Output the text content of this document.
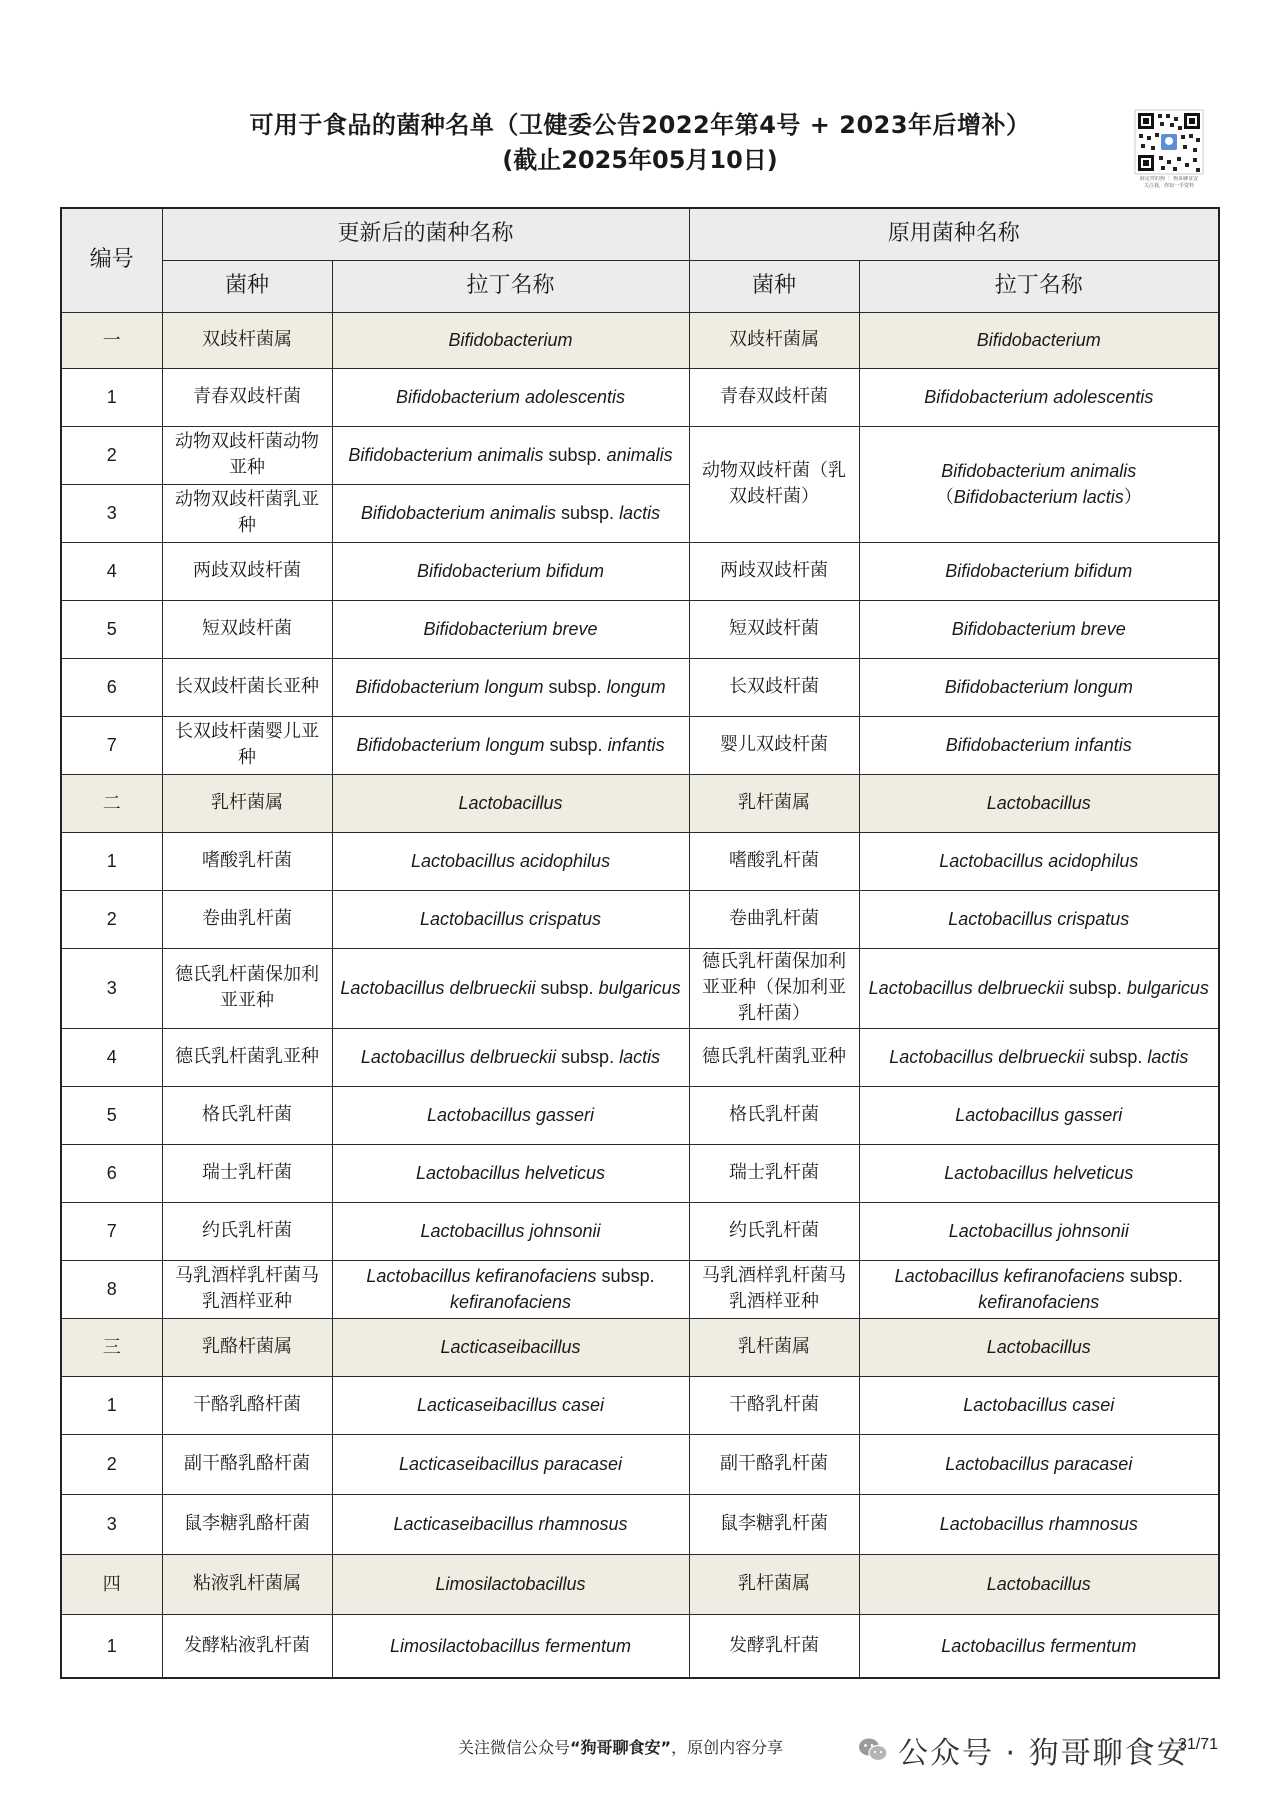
可用于食品的菌种名单（卫健委公告2022年第4号 + 2023年后增补）
(截止2025年05月10日)
薛定谔的狗 ｜ 狗哥聊食安
关注我，你知一手资料
编号	更新后的菌种名称		原用菌种名称	
	菌种	拉丁名称	菌种	拉丁名称
一	双歧杆菌属	Bifidobacterium	双歧杆菌属	Bifidobacterium
1	青春双歧杆菌	Bifidobacterium adolescentis	青春双歧杆菌	Bifidobacterium adolescentis
2	动物双歧杆菌动物亚种	Bifidobacterium animalis subsp. animalis	动物双歧杆菌（乳双歧杆菌）	Bifidobacterium animalis
（Bifidobacterium lactis）
3	动物双歧杆菌乳亚种	Bifidobacterium animalis subsp. lactis		
4	两歧双歧杆菌	Bifidobacterium bifidum	两歧双歧杆菌	Bifidobacterium bifidum
5	短双歧杆菌	Bifidobacterium breve	短双歧杆菌	Bifidobacterium breve
6	长双歧杆菌长亚种	Bifidobacterium longum subsp. longum	长双歧杆菌	Bifidobacterium longum
7	长双歧杆菌婴儿亚种	Bifidobacterium longum subsp. infantis	婴儿双歧杆菌	Bifidobacterium infantis
二	乳杆菌属	Lactobacillus	乳杆菌属	Lactobacillus
1	嗜酸乳杆菌	Lactobacillus acidophilus	嗜酸乳杆菌	Lactobacillus acidophilus
2	卷曲乳杆菌	Lactobacillus crispatus	卷曲乳杆菌	Lactobacillus crispatus
3	德氏乳杆菌保加利亚亚种	Lactobacillus delbrueckii subsp. bulgaricus	德氏乳杆菌保加利亚亚种（保加利亚乳杆菌）	Lactobacillus delbrueckii subsp. bulgaricus
4	德氏乳杆菌乳亚种	Lactobacillus delbrueckii subsp. lactis	德氏乳杆菌乳亚种	Lactobacillus delbrueckii subsp. lactis
5	格氏乳杆菌	Lactobacillus gasseri	格氏乳杆菌	Lactobacillus gasseri
6	瑞士乳杆菌	Lactobacillus helveticus	瑞士乳杆菌	Lactobacillus helveticus
7	约氏乳杆菌	Lactobacillus johnsonii	约氏乳杆菌	Lactobacillus johnsonii
8	马乳酒样乳杆菌马乳酒样亚种	Lactobacillus kefiranofaciens subsp. kefiranofaciens	马乳酒样乳杆菌马乳酒样亚种	Lactobacillus kefiranofaciens subsp. kefiranofaciens
三	乳酪杆菌属	Lacticaseibacillus	乳杆菌属	Lactobacillus
1	干酪乳酪杆菌	Lacticaseibacillus casei	干酪乳杆菌	Lactobacillus casei
2	副干酪乳酪杆菌	Lacticaseibacillus paracasei	副干酪乳杆菌	Lactobacillus paracasei
3	鼠李糖乳酪杆菌	Lacticaseibacillus rhamnosus	鼠李糖乳杆菌	Lactobacillus rhamnosus
四	粘液乳杆菌属	Limosilactobacillus	乳杆菌属	Lactobacillus
1	发酵粘液乳杆菌	Limosilactobacillus fermentum	发酵乳杆菌	Lactobacillus fermentum
关注微信公众号“狗哥聊食安”，原创内容分享	公众号 · 狗哥聊食安
31/71
